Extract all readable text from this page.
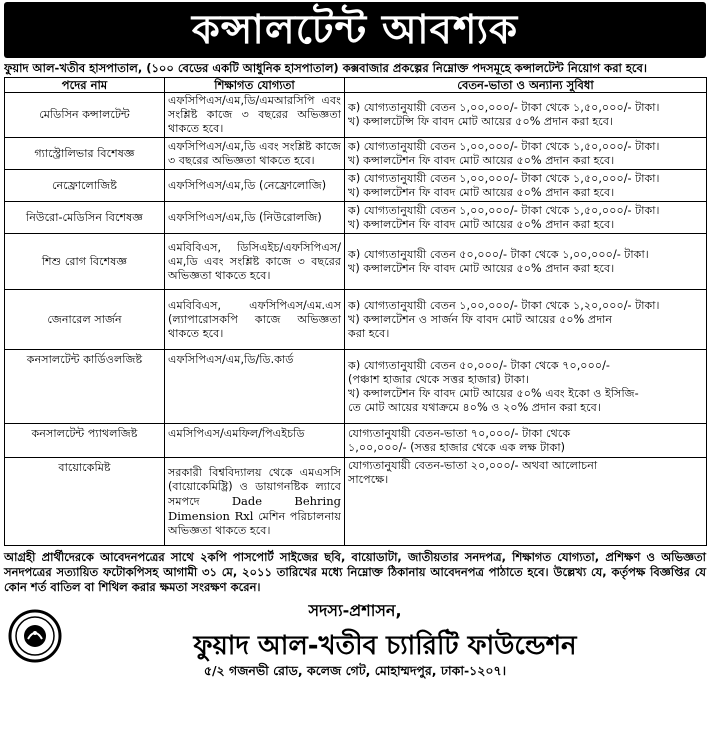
কন্সালটেন্ট আবশ্যক
ফুয়াদ আল-খতীব হাসপাতাল, (১০০ বেডের একটি আধুনিক হাসপাতাল) কক্সবাজার প্রকল্পের নিম্নোক্ত পদসমূহে কন্সালটেন্ট নিয়োগ করা হবে।
পদের নাম	শিক্ষাগত যোগ্যতা	বেতন-ভাতা ও অন্যান্য সুবিধা
মেডিসিন কন্সালটেন্ট	এফসিপিএস/এম,ডি/এমআরসিপি এবং সংশ্লিষ্ট কাজে ৩ বছরের অভিজ্ঞতা থাকতে হবে।	ক) যোগ্যতানুযায়ী বেতন ১,০০,০০০/- টাকা থেকে ১,৫০,০০০/- টাকা।
খ) কন্সালটেন্সি ফি বাবদ মোট আয়ের ৫০% প্রদান করা হবে।

গ্যাস্ট্রোলিভার বিশেষজ্ঞ	এফসিপিএস/এম,ডি এবং সংশ্লিষ্ট কাজে ৩ বছরের অভিজ্ঞতা থাকতে হবে।	ক) যোগ্যতানুযায়ী বেতন ১,০০,০০০/- টাকা থেকে ১,৫০,০০০/- টাকা।
খ) কন্সালটেশন ফি বাবদ মোট আয়ের ৫০% প্রদান করা হবে।

নেফ্রোলোজিষ্ট	এফসিপিএস/এম,ডি (নেফ্রোলোজি)	ক) যোগ্যতানুযায়ী বেতন ১,০০,০০০/- টাকা থেকে ১,৫০,০০০/- টাকা।
খ) কন্সালটেশন ফি বাবদ মোট আয়ের ৫০% প্রদান করা হবে।

নিউরো-মেডিসিন বিশেষজ্ঞ	এফসিপিএস/এম,ডি (নিউরোলজি)	ক) যোগ্যতানুযায়ী বেতন ১,০০,০০০/- টাকা থেকে ১,৫০,০০০/- টাকা।
খ) কন্সালটেশন ফি বাবদ মোট আয়ের ৫০% প্রদান করা হবে।

শিশু রোগ বিশেষজ্ঞ	এমবিবিএস, ডিসিএইচ/এফসিপিএস/এম,ডি এবং সংশ্লিষ্ট কাজে ৩ বছরের অভিজ্ঞতা থাকতে হবে।	ক) যোগ্যতানুযায়ী বেতন ৫০,০০০/- টাকা থেকে ১,০০,০০০/- টাকা।
খ) কন্সালটেশন ফি বাবদ মোট আয়ের ৫০% প্রদান করা হবে।

জেনারেল সার্জন	এমবিবিএস, এফসিপিএস/এম.এস (ল্যাপারোসকপি কাজে অভিজ্ঞতা থাকতে হবে।	ক) যোগ্যতানুযায়ী বেতন ১,০০,০০০/- টাকা থেকে ১,২০,০০০/- টাকা।
খ) কন্সালটেশন ও সার্জন ফি বাবদ মোট আয়ের ৫০% প্রদান
করা হবে।

কনসালটেন্ট কার্ডিওলজিষ্ট	এফসিপিএস/এম,ডি/ডি.কার্ড	ক) যোগ্যতানুযায়ী বেতন ৫০,০০০/- টাকা থেকে ৭০,০০০/-
(পঞ্চাশ হাজার থেকে সত্তর হাজার) টাকা।
খ) কন্সালটেশন ফি বাবদ মোট আয়ের ৫০% এবং ইকো ও ইসিজি-
তে মোট আয়ের যথাক্রমে ৪০% ও ২০% প্রদান করা হবে।

কনসালটেন্ট প্যাথলজিষ্ট	এমসিপিএস/এমফিল/পিএইচডি	যোগ্যতানুযায়ী বেতন-ভাতা ৭০,০০০/- টাকা থেকে
১,০০,০০০/- (সত্তর হাজার থেকে এক লক্ষ টাকা)

বায়োকেমিষ্ট	সরকারী বিশ্ববিদ্যালয় থেকে এমএসসি (বায়োকেমিষ্ট্রি) ও ডায়াগনষ্টিক ল্যাবে সমপদে Dade Behring Dimension Rxl মেশিন পরিচালনায় অভিজ্ঞতা থাকতে হবে।	যোগ্যতানুযায়ী বেতন-ভাতা ২০,০০০/- অথবা আলোচনা
সাপেক্ষে।
আগ্রহী প্রার্থীদেরকে আবেদনপত্রের সাথে ২কপি পাসপোর্ট সাইজের ছবি, বায়োডাটা, জাতীয়তার সনদপত্র, শিক্ষাগত যোগ্যতা, প্রশিক্ষণ ও অভিজ্ঞতা সনদপত্রের সত্যায়িত ফটোকপিসহ আগামী ৩১ মে, ২০১১ তারিখের মধ্যে নিম্নোক্ত ঠিকানায় আবেদনপত্র পাঠাতে হবে। উল্লেখ্য যে, কর্তৃপক্ষ বিজ্ঞপ্তির যে কোন শর্ত বাতিল বা শিথিল করার ক্ষমতা সংরক্ষণ করেন।
সদস্য-প্রশাসন,
ফুয়াদ আল-খতীব চ্যারিটি ফাউন্ডেশন
৫/২ গজনভী রোড, কলেজ গেট, মোহাম্মদপুর, ঢাকা-১২০৭।
